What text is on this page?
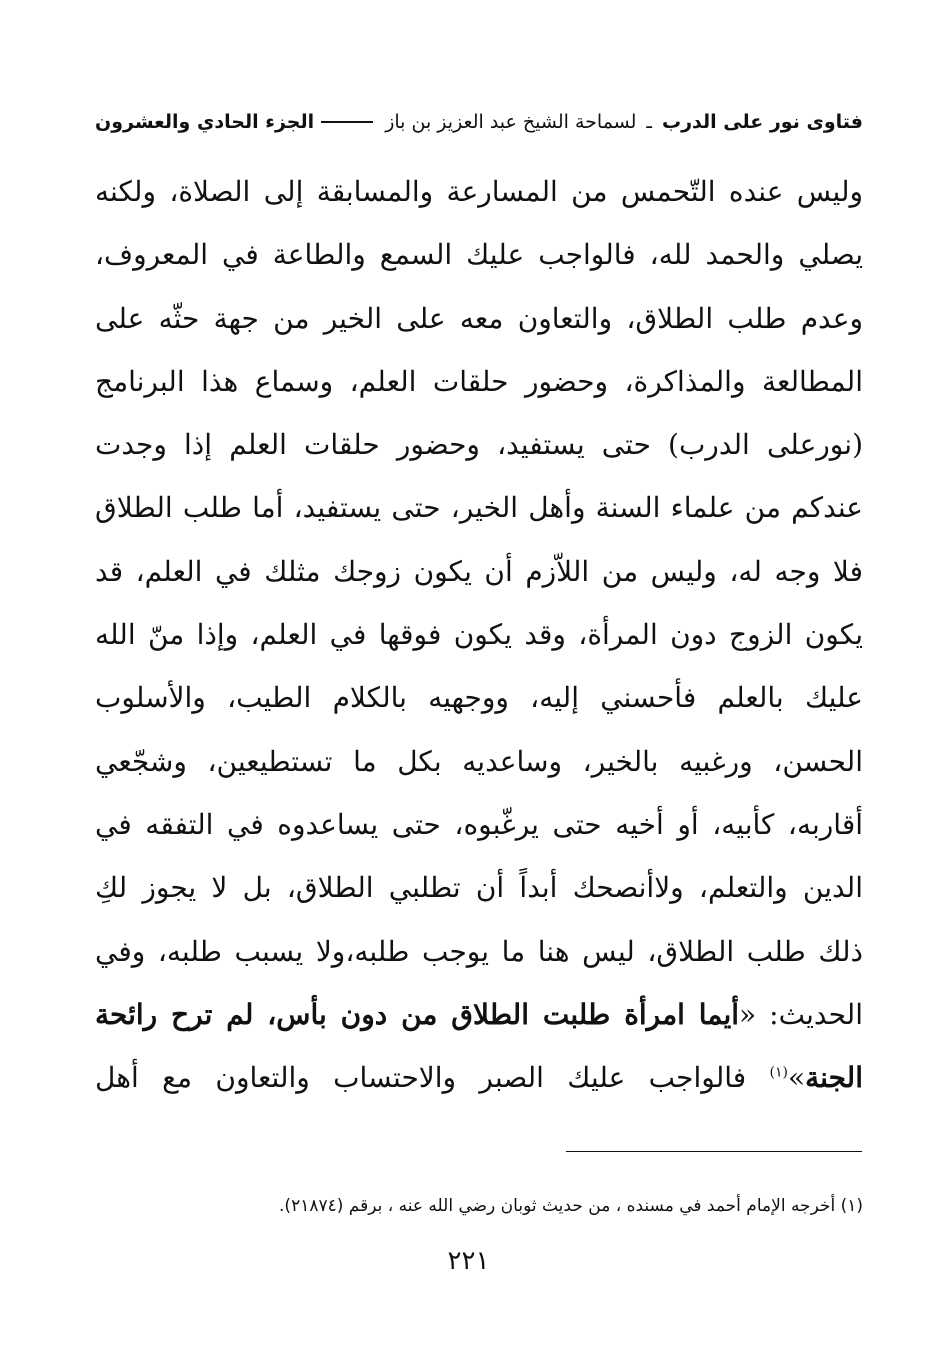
فتاوى نور على الدرب
ـ
لسماحة الشيخ عبد العزيز بن باز
الجزء الحادي والعشرون
وليس عنده التّحمس من المسارعة والمسابقة إلى الصلاة، ولكنه
يصلي والحمد لله، فالواجب عليك السمع والطاعة في المعروف،
وعدم طلب الطلاق، والتعاون معه على الخير من جهة حثّه على
المطالعة والمذاكرة، وحضور حلقات العلم، وسماع هذا البرنامج
(نورعلى الدرب) حتى يستفيد، وحضور حلقات العلم إذا وجدت
عندكم من علماء السنة وأهل الخير، حتى يستفيد، أما طلب الطلاق
فلا وجه له، وليس من اللاّزم أن يكون زوجك مثلك في العلم، قد
يكون الزوج دون المرأة، وقد يكون فوقها في العلم، وإذا منّ الله
عليك بالعلم فأحسني إليه، ووجهيه بالكلام الطيب، والأسلوب
الحسن، ورغبيه بالخير، وساعديه بكل ما تستطيعين، وشجّعي
أقاربه، كأبيه، أو أخيه حتى يرغّبوه، حتى يساعدوه في التفقه في
الدين والتعلم، ولاأنصحك أبداً أن تطلبي الطلاق، بل لا يجوز لكِ
ذلك طلب الطلاق، ليس هنا ما يوجب طلبه،ولا يسبب طلبه، وفي
الحديث: «أيما امرأة طلبت الطلاق من دون بأس، لم ترح رائحة
الجنة»$^{(١)}$ فالواجب عليك الصبر والاحتساب والتعاون مع أهل
(١) أخرجه الإمام أحمد في مسنده ، من حديث ثوبان رضي الله عنه ، برقم (٢١٨٧٤).
٢٢١
